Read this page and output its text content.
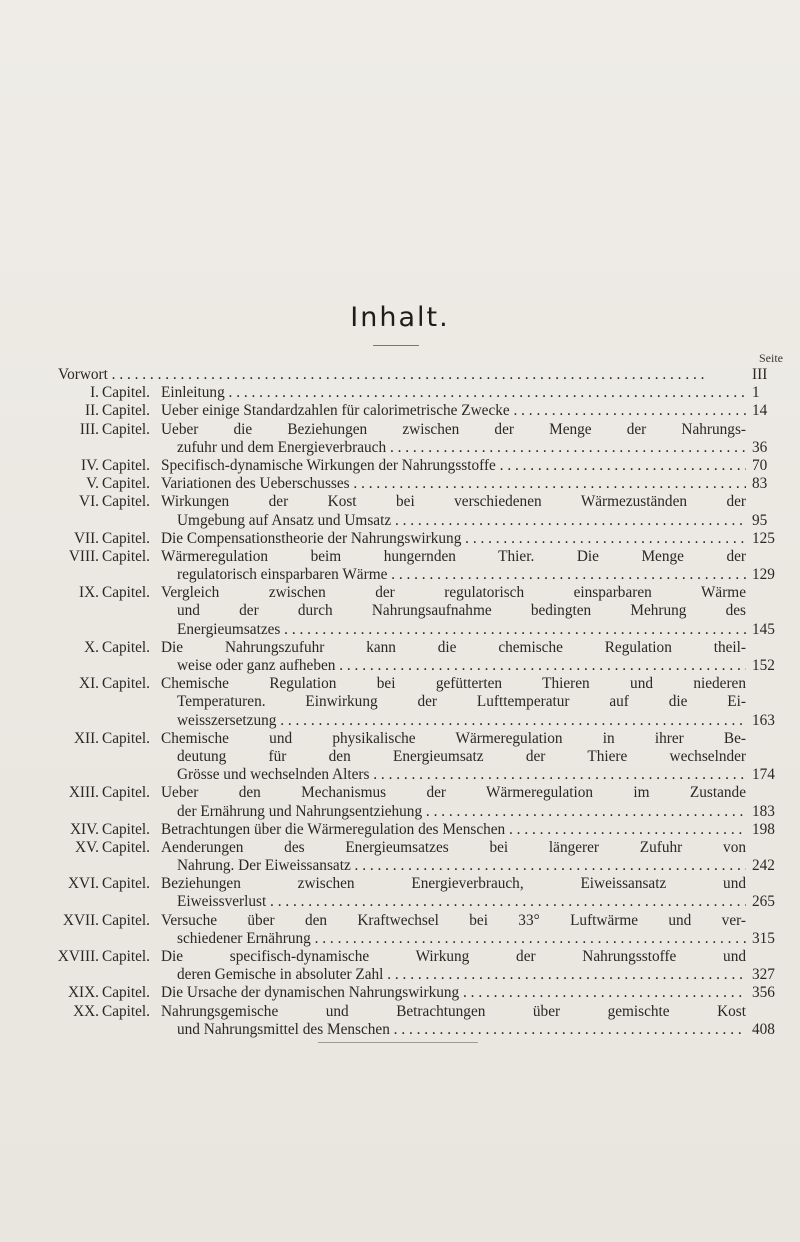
Inhalt.
Seite
Vorwort . . .	III
I. Capitel. Einleitung . . .	1
II. Capitel. Ueber einige Standardzahlen für calorimetrische Zwecke . . .	14
III. Capitel. Ueber die Beziehungen zwischen der Menge der Nahrungs-
zufuhr und dem Energieverbrauch . . .	36
IV. Capitel. Specifisch-dynamische Wirkungen der Nahrungsstoffe . . .	70
V. Capitel. Variationen des Ueberschusses . . .	83
VI. Capitel. Wirkungen der Kost bei verschiedenen Wärmezuständen der
Umgebung auf Ansatz und Umsatz . . .	95
VII. Capitel. Die Compensationstheorie der Nahrungswirkung . . .	125
VIII. Capitel. Wärmeregulation beim hungernden Thier. Die Menge der
regulatorisch einsparbaren Wärme . . .	129
IX. Capitel. Vergleich zwischen der regulatorisch einsparbaren Wärme
und der durch Nahrungsaufnahme bedingten Mehrung des
Energieumsatzes . . .	145
X. Capitel. Die Nahrungszufuhr kann die chemische Regulation theil-
weise oder ganz aufheben . . .	152
XI. Capitel. Chemische Regulation bei gefütterten Thieren und niederen
Temperaturen. Einwirkung der Lufttemperatur auf die Ei-
weisszersetzung . . .	163
XII. Capitel. Chemische und physikalische Wärmeregulation in ihrer Be-
deutung für den Energieumsatz der Thiere wechselnder
Grösse und wechselnden Alters . . .	174
XIII. Capitel. Ueber den Mechanismus der Wärmeregulation im Zustande
der Ernährung und Nahrungsentziehung . . .	183
XIV. Capitel. Betrachtungen über die Wärmeregulation des Menschen . . .	198
XV. Capitel. Aenderungen des Energieumsatzes bei längerer Zufuhr von
Nahrung. Der Eiweissansatz . . .	242
XVI. Capitel. Beziehungen zwischen Energieverbrauch, Eiweissansatz und
Eiweissverlust . . .	265
XVII. Capitel. Versuche über den Kraftwechsel bei 33° Luftwärme und ver-
schiedener Ernährung . . .	315
XVIII. Capitel. Die specifisch-dynamische Wirkung der Nahrungsstoffe und
deren Gemische in absoluter Zahl . . .	327
XIX. Capitel. Die Ursache der dynamischen Nahrungswirkung . . .	356
XX. Capitel. Nahrungsgemische und Betrachtungen über gemischte Kost
und Nahrungsmittel des Menschen . . .	408
